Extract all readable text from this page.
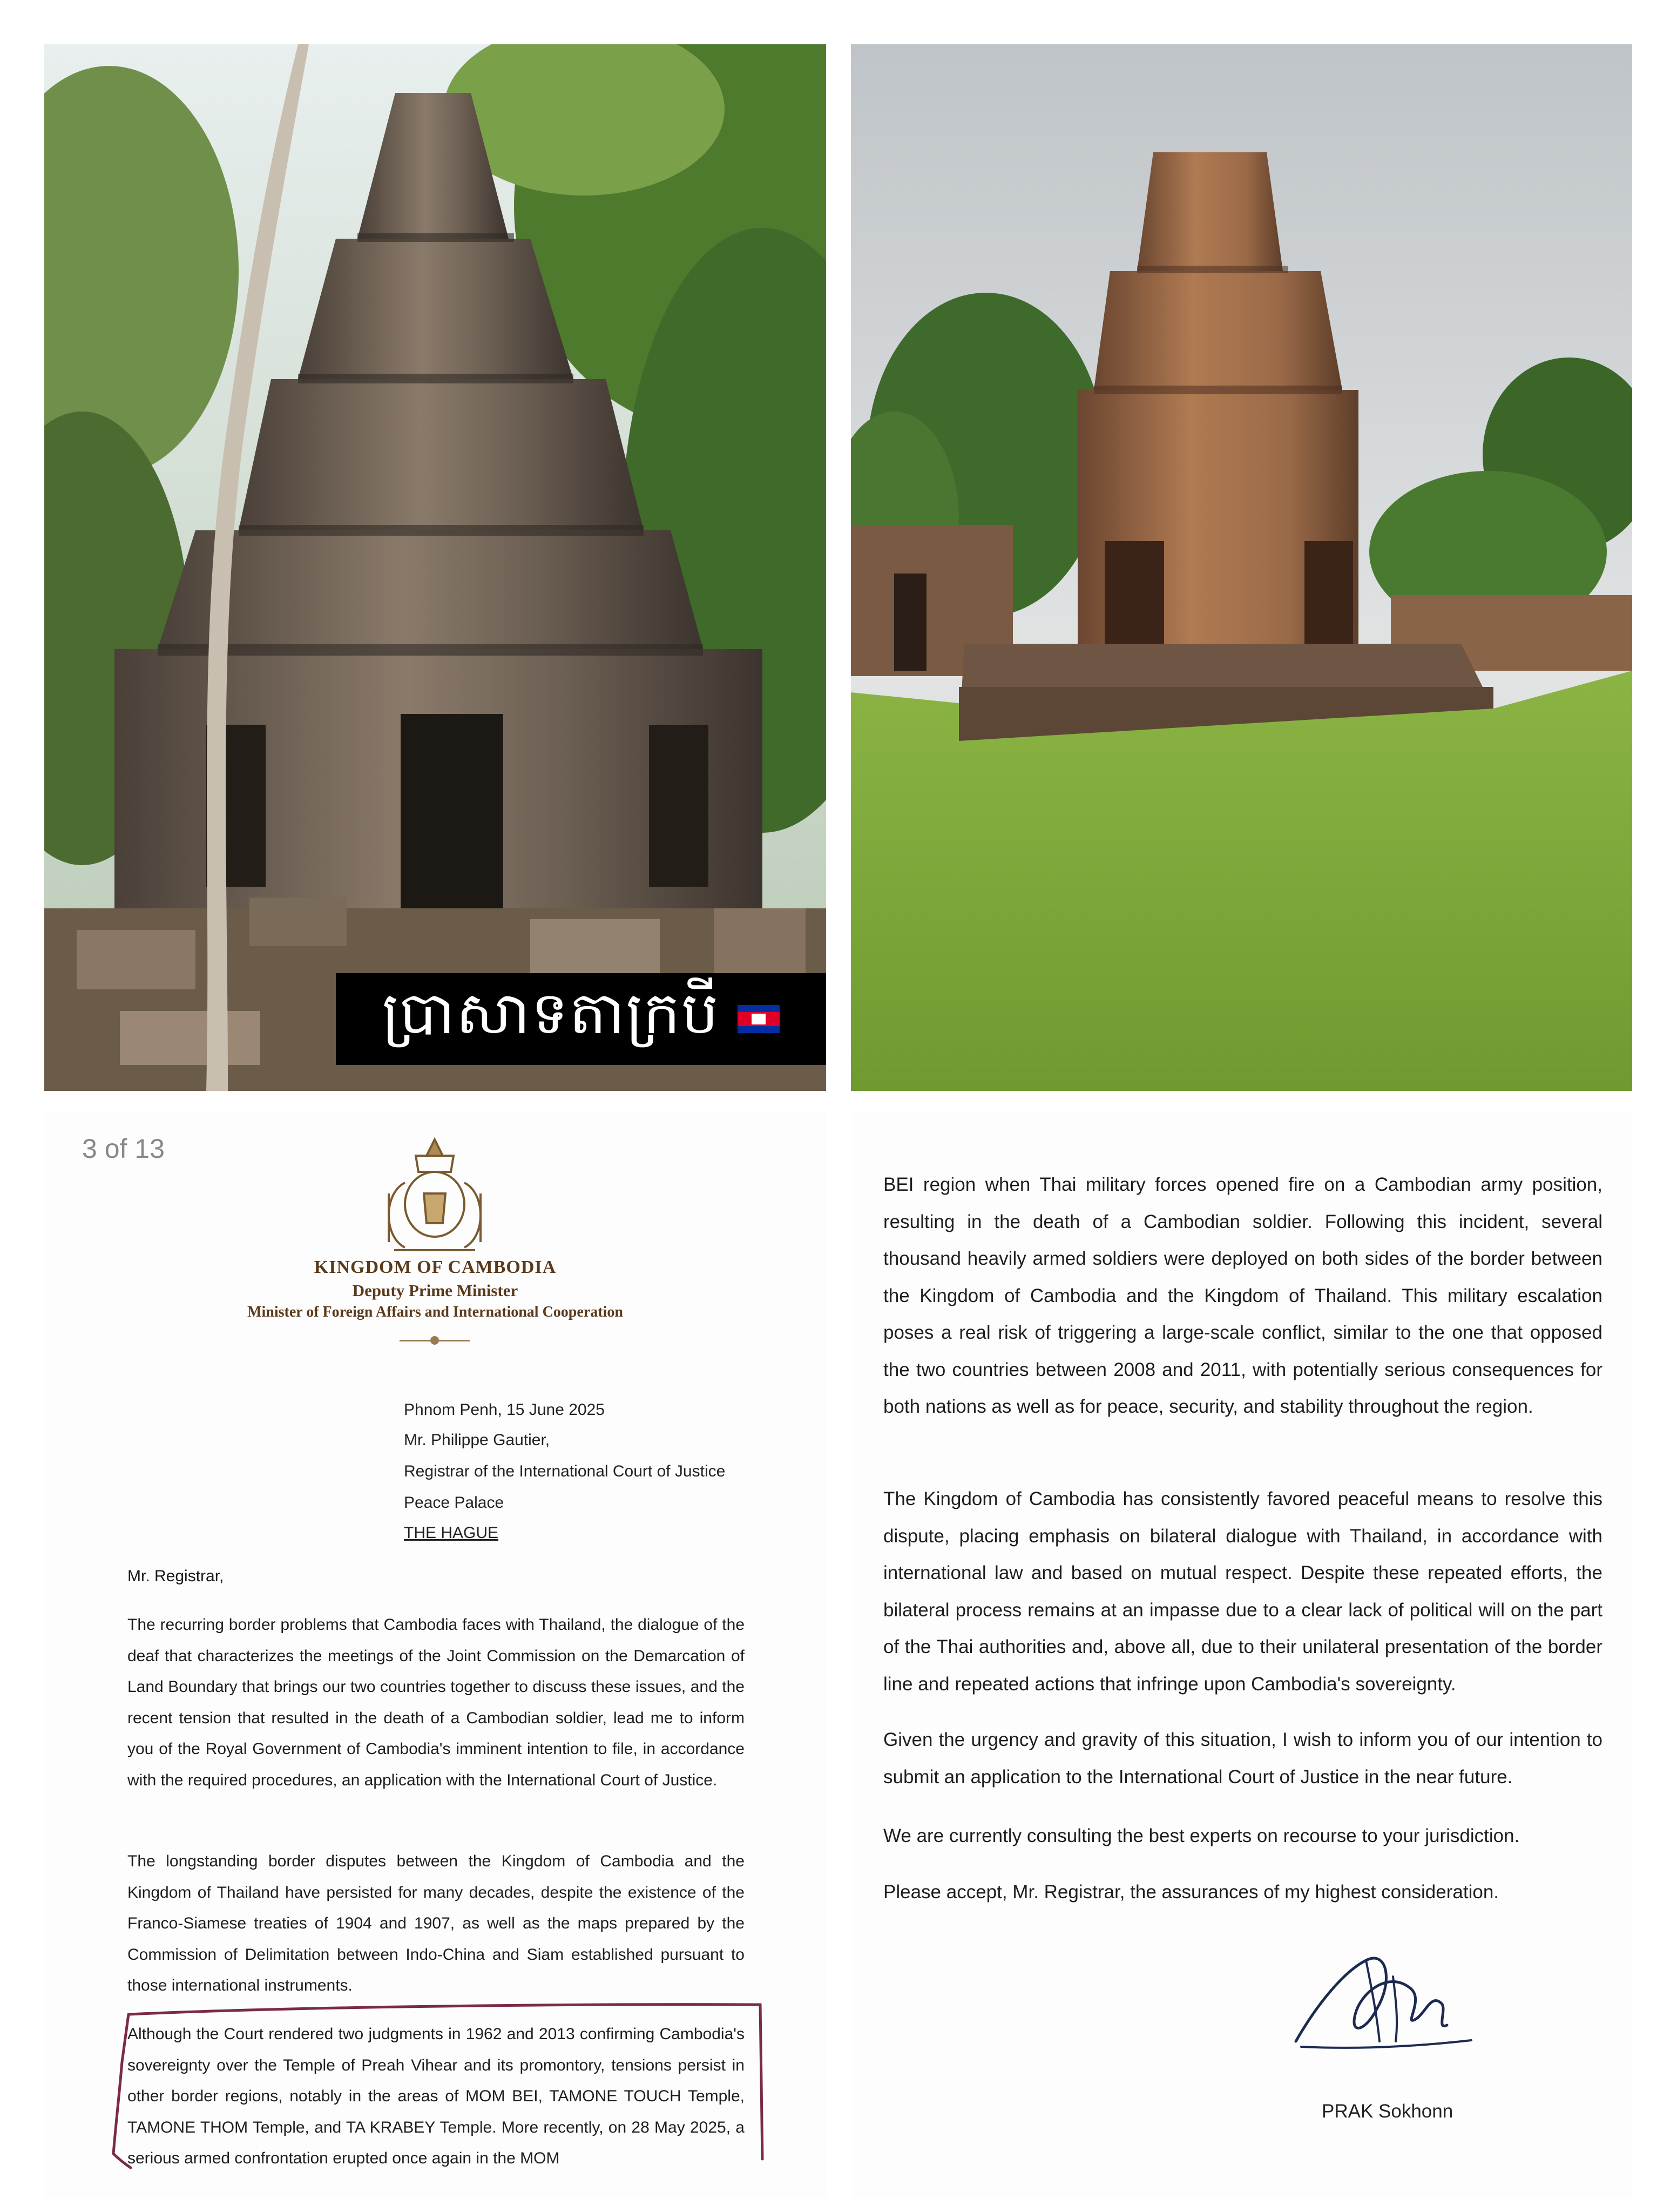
ប្រាសាទតាក្របី
3 of 13
KINGDOM OF CAMBODIA
Deputy Prime Minister
Minister of Foreign Affairs and International Cooperation
Phnom Penh, 15 June 2025
Mr. Philippe Gautier,
Registrar of the International Court of Justice
Peace Palace
THE HAGUE
Mr. Registrar,
The recurring border problems that Cambodia faces with Thailand, the dialogue of the deaf that characterizes the meetings of the Joint Commission on the Demarcation of Land Boundary that brings our two countries together to discuss these issues, and the recent tension that resulted in the death of a Cambodian soldier, lead me to inform you of the Royal Government of Cambodia's imminent intention to file, in accordance with the required procedures, an application with the International Court of Justice.
The longstanding border disputes between the Kingdom of Cambodia and the Kingdom of Thailand have persisted for many decades, despite the existence of the Franco-Siamese treaties of 1904 and 1907, as well as the maps prepared by the Commission of Delimitation between Indo-China and Siam established pursuant to those international instruments.
Although the Court rendered two judgments in 1962 and 2013 confirming Cambodia's sovereignty over the Temple of Preah Vihear and its promontory, tensions persist in other border regions, notably in the areas of MOM BEI, TAMONE TOUCH Temple, TAMONE THOM Temple, and TA KRABEY Temple. More recently, on 28 May 2025, a serious armed confrontation erupted once again in the MOM
BEI region when Thai military forces opened fire on a Cambodian army position, resulting in the death of a Cambodian soldier. Following this incident, several thousand heavily armed soldiers were deployed on both sides of the border between the Kingdom of Cambodia and the Kingdom of Thailand. This military escalation poses a real risk of triggering a large-scale conflict, similar to the one that opposed the two countries between 2008 and 2011, with potentially serious consequences for both nations as well as for peace, security, and stability throughout the region.
The Kingdom of Cambodia has consistently favored peaceful means to resolve this dispute, placing emphasis on bilateral dialogue with Thailand, in accordance with international law and based on mutual respect. Despite these repeated efforts, the bilateral process remains at an impasse due to a clear lack of political will on the part of the Thai authorities and, above all, due to their unilateral presentation of the border line and repeated actions that infringe upon Cambodia's sovereignty.
Given the urgency and gravity of this situation, I wish to inform you of our intention to submit an application to the International Court of Justice in the near future.
We are currently consulting the best experts on recourse to your jurisdiction.
Please accept, Mr. Registrar, the assurances of my highest consideration.
PRAK Sokhonn
